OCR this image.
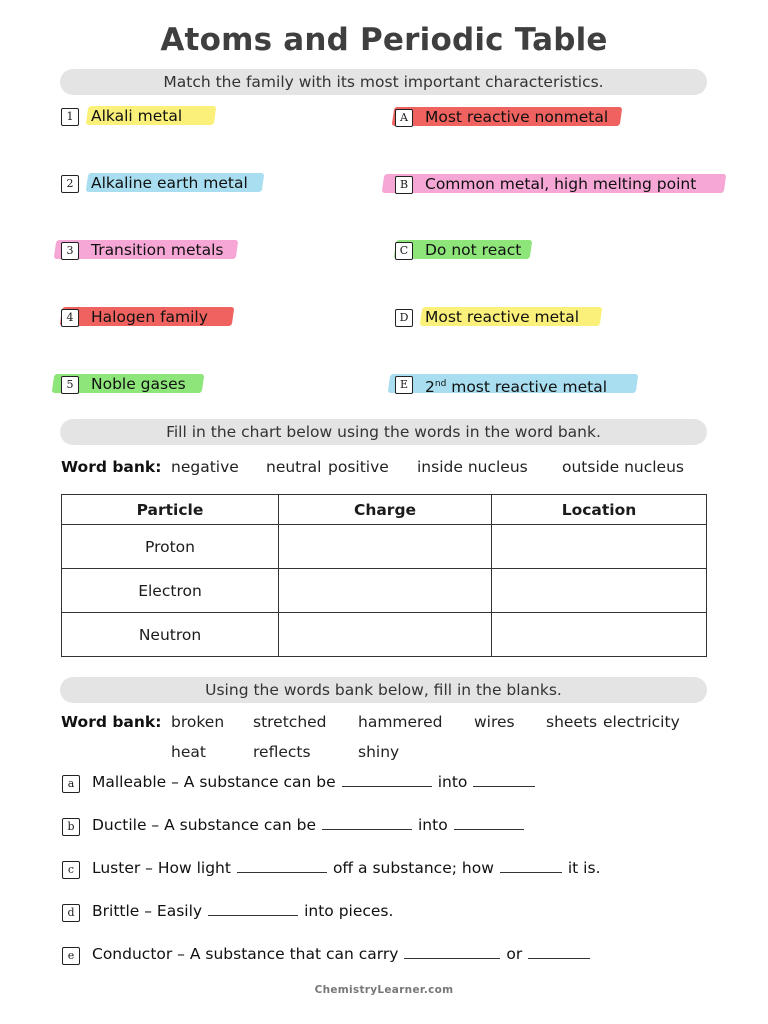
Atoms and Periodic Table
Match the family with its most important characteristics.
1	Alkali metal
2	Alkaline earth metal
3	Transition metals
4	Halogen family
5	Noble gases
A	Most reactive nonmetal
B	Common metal, high melting point
C	Do not react
D Most reactive metal
E	2nd most reactive metal
Fill in the chart below using the words in the word bank.
Word bank: negative neutral positive inside nucleus outside nucleus
Particle	Charge	Location
Proton		
Electron		
Neutron		
Using the words bank below, fill in the blanks.
Word bank: broken stretched hammered wires sheets electricity
heat	reflects	shiny
a	Malleable – A substance can be	into
b	Ductile – A substance can be	into
c	Luster – How light	off a substance; how	it is.
d	Brittle – Easily	into pieces.
e	Conductor – A substance that can carry	or
ChemistryLearner.com
